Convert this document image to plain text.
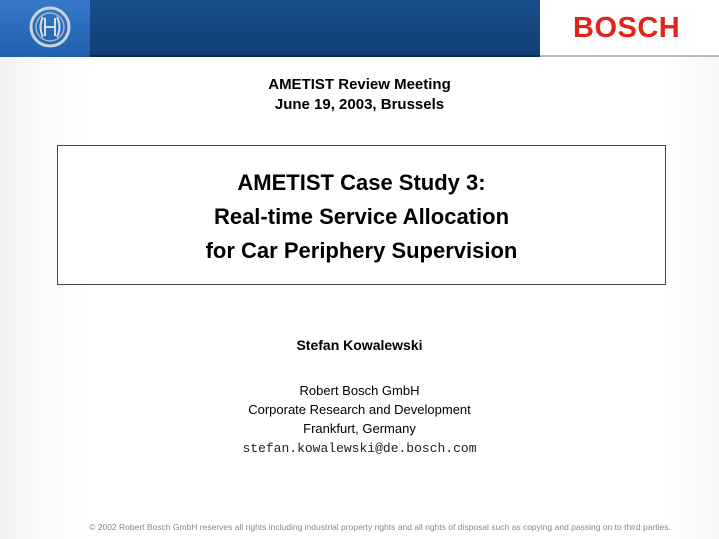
BOSCH
AMETIST Review Meeting
June 19, 2003, Brussels
AMETIST Case Study 3:
Real-time Service Allocation
for Car Periphery Supervision
Stefan Kowalewski
Robert Bosch GmbH
Corporate Research and Development
Frankfurt, Germany
stefan.kowalewski@de.bosch.com
© 2002 Robert Bosch GmbH reserves all rights including industrial property rights and all rights of disposal such as copying and passing on to third parties.
